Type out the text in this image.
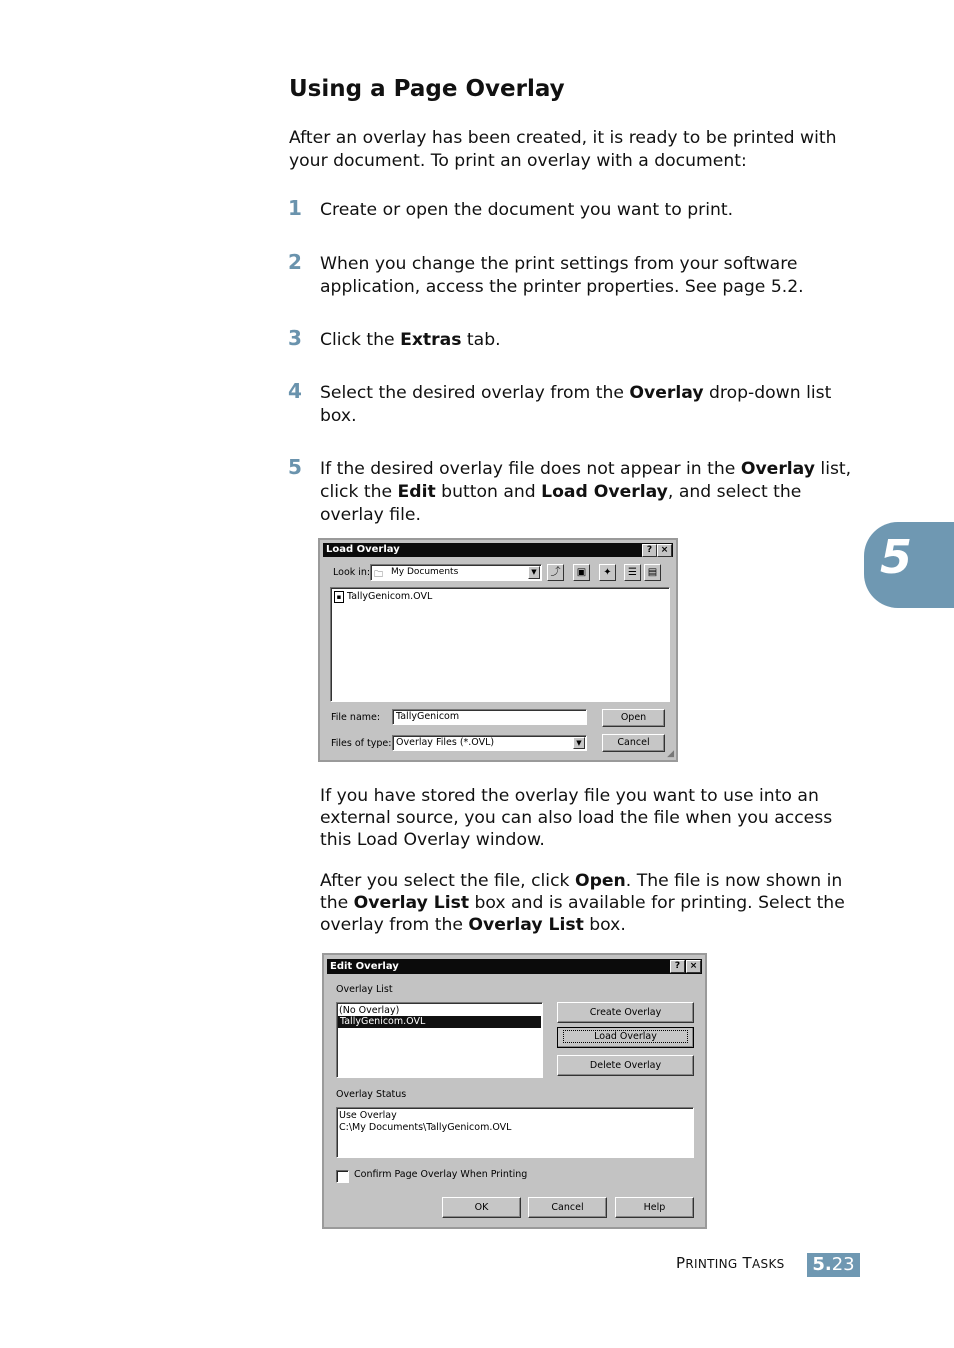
Using a Page Overlay
After an overlay has been created, it is ready to be printed with your document. To print an overlay with a document:
1 Create or open the document you want to print.
2 When you change the print settings from your software application, access the printer properties. See page 5.2.
3 Click the Extras tab.
4 Select the desired overlay from the Overlay drop-down list box.
5 If the desired overlay file does not appear in the Overlay list, click the Edit button and Load Overlay, and select the overlay file.
5
Load Overlay	? ×
Look in: 🗀 My Documents	▼	⤴	▣	✦	☰	▤
▪ TallyGenicom.OVL
File name: TallyGenicom	Open
Files of type: Overlay Files (*.OVL)	▼	Cancel
◢
If you have stored the overlay file you want to use into an external source, you can also load the file when you access this Load Overlay window.
After you select the file, click Open. The file is now shown in the Overlay List box and is available for printing. Select the overlay from the Overlay List box.
Edit Overlay	?	×
Overlay List
(No Overlay)
TallyGenicom.OVL
Create Overlay
Load Overlay
Delete Overlay
Overlay Status
Use Overlay
C:\My Documents\TallyGenicom.OVL
Confirm Page Overlay When Printing
OK	Cancel	Help
PRINTING TASKS 5.23
